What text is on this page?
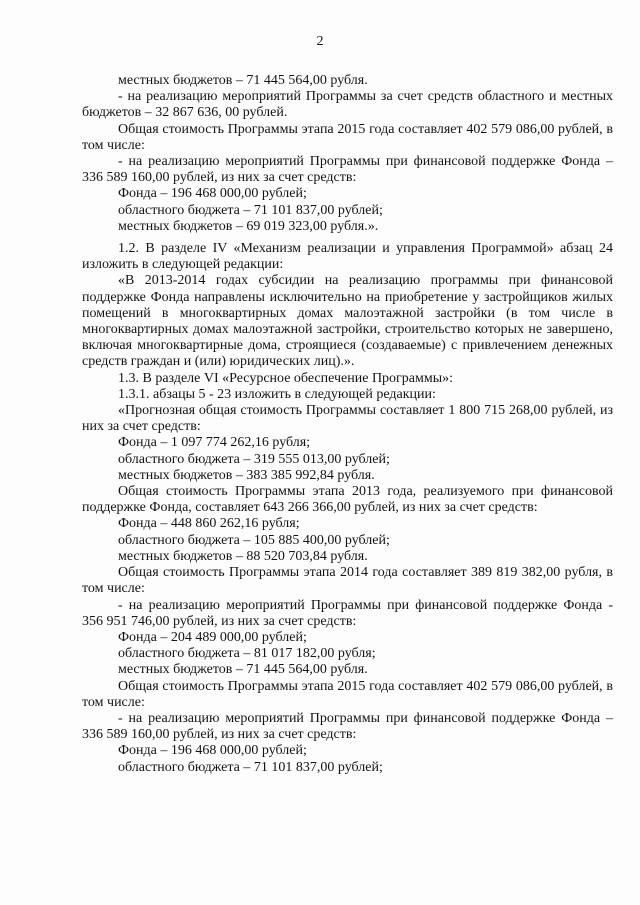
2

местных бюджетов – 71 445 564,00 рубля.

- на реализацию мероприятий Программы за счет средств областного и местных бюджетов – 32 867 636, 00 рублей.

Общая стоимость Программы этапа 2015 года составляет 402 579 086,00 рублей, в том числе:

- на реализацию мероприятий Программы при финансовой поддержке Фонда – 336 589 160,00 рублей, из них за счет средств:

Фонда – 196 468 000,00 рублей;

областного бюджета – 71 101 837,00 рублей;

местных бюджетов – 69 019 323,00 рубля.».

1.2. В разделе IV «Механизм реализации и управления Программой» абзац 24 изложить в следующей редакции:

«В 2013-2014 годах субсидии на реализацию программы при финансовой поддержке Фонда направлены исключительно на приобретение у застройщиков жилых помещений в многоквартирных домах малоэтажной застройки (в том числе в многоквартирных домах малоэтажной застройки, строительство которых не завершено, включая многоквартирные дома, строящиеся (создаваемые) с привлечением денежных средств граждан и (или) юридических лиц).».

1.3. В разделе VI «Ресурсное обеспечение Программы»:

1.3.1. абзацы 5 - 23 изложить в следующей редакции:

«Прогнозная общая стоимость Программы составляет 1 800 715 268,00 рублей, из них за счет средств:

Фонда – 1 097 774 262,16 рубля;

областного бюджета – 319 555 013,00 рублей;

местных бюджетов – 383 385 992,84 рубля.

Общая стоимость Программы этапа 2013 года, реализуемого при финансовой поддержке Фонда, составляет 643 266 366,00 рублей, из них за счет средств:

Фонда – 448 860 262,16 рубля;

областного бюджета – 105 885 400,00 рублей;

местных бюджетов – 88 520 703,84 рубля.

Общая стоимость Программы этапа 2014 года составляет 389 819 382,00 рубля, в том числе:

- на реализацию мероприятий Программы при финансовой поддержке Фонда - 356 951 746,00 рублей, из них за счет средств:

Фонда – 204 489 000,00 рублей;

областного бюджета – 81 017 182,00 рубля;

местных бюджетов – 71 445 564,00 рубля.

Общая стоимость Программы этапа 2015 года составляет 402 579 086,00 рублей, в том числе:

- на реализацию мероприятий Программы при финансовой поддержке Фонда – 336 589 160,00 рублей, из них за счет средств:

Фонда – 196 468 000,00 рублей;

областного бюджета – 71 101 837,00 рублей;
